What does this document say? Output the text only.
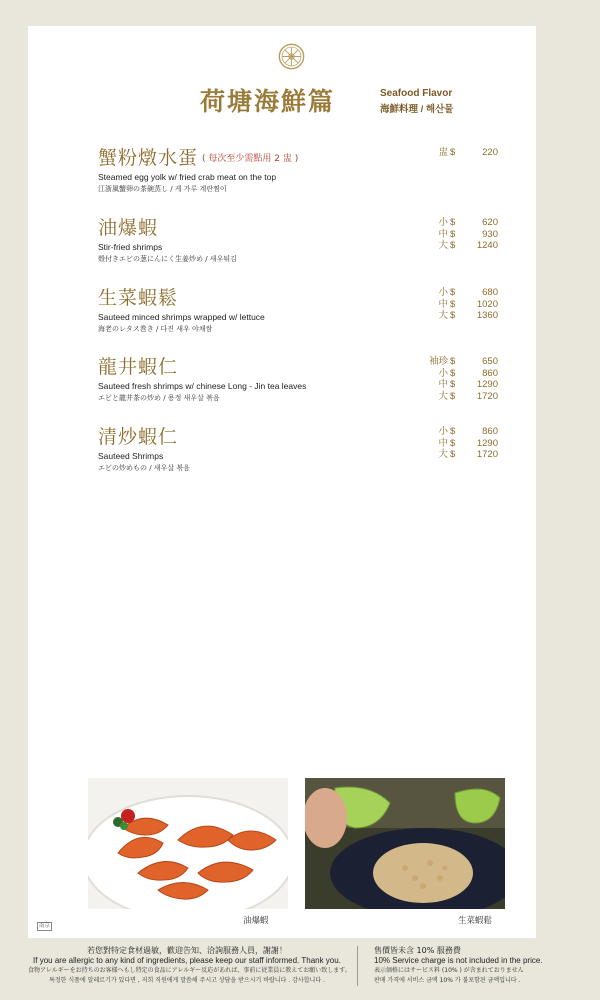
荷塘海鮮篇	Seafood Flavor
海鮮料理 / 해산물
蟹粉燉水蛋 ( 每次至少需點用 2 盅 )
Steamed egg yolk w/ fried crab meat on the top
江浙風蟹卵の茶碗蒸し / 게 가루 계란찜이
盅 $	220
油爆蝦
Stir-fried shrimps
殻付きエビの葱にんにく生姜炒め / 새우튀김
小 $	620
中 $	930
大 $	1240
生菜蝦鬆
Sauteed minced shrimps wrapped w/ lettuce
海老のレタス巻き / 다진 새우 야채쌈
小 $	680
中 $	1020
大 $	1360
龍井蝦仁
Sauteed fresh shrimps w/ chinese Long - Jin tea leaves
エビと龍井茶の炒め / 용정 새우살 볶음
袖珍 $	650
小 $	860
中 $	1290
大 $	1720
清炒蝦仁
Sauteed Shrimps
エビの炒めもの / 새우살 볶음
小 $	860
中 $	1290
大 $	1720
油爆蝦	生菜蝦鬆
南京
若您對特定食材過敏，歡迎告知、洽詢服務人員，謝謝！
If you are allergic to any kind of ingredients, please keep our staff informed. Thank you.
食物アレルギーをお持ちのお客様へもし特定の食品にアレルギー反応があれば、事前に従業員に教えてお願い致します。
특정한 식품에 알레르기가 있다면 , 저희 직원에게 말씀해 주시고 상담을 받으시기 바랍니다 . 감사합니다 .
售價皆未含 10% 服務費
10% Service charge is not included in the price.
表示価格にはサービス料 (10% ) が含まれておりません
판매 가격에 서비스 금액 10% 가 불포함된 금액입니다 .
